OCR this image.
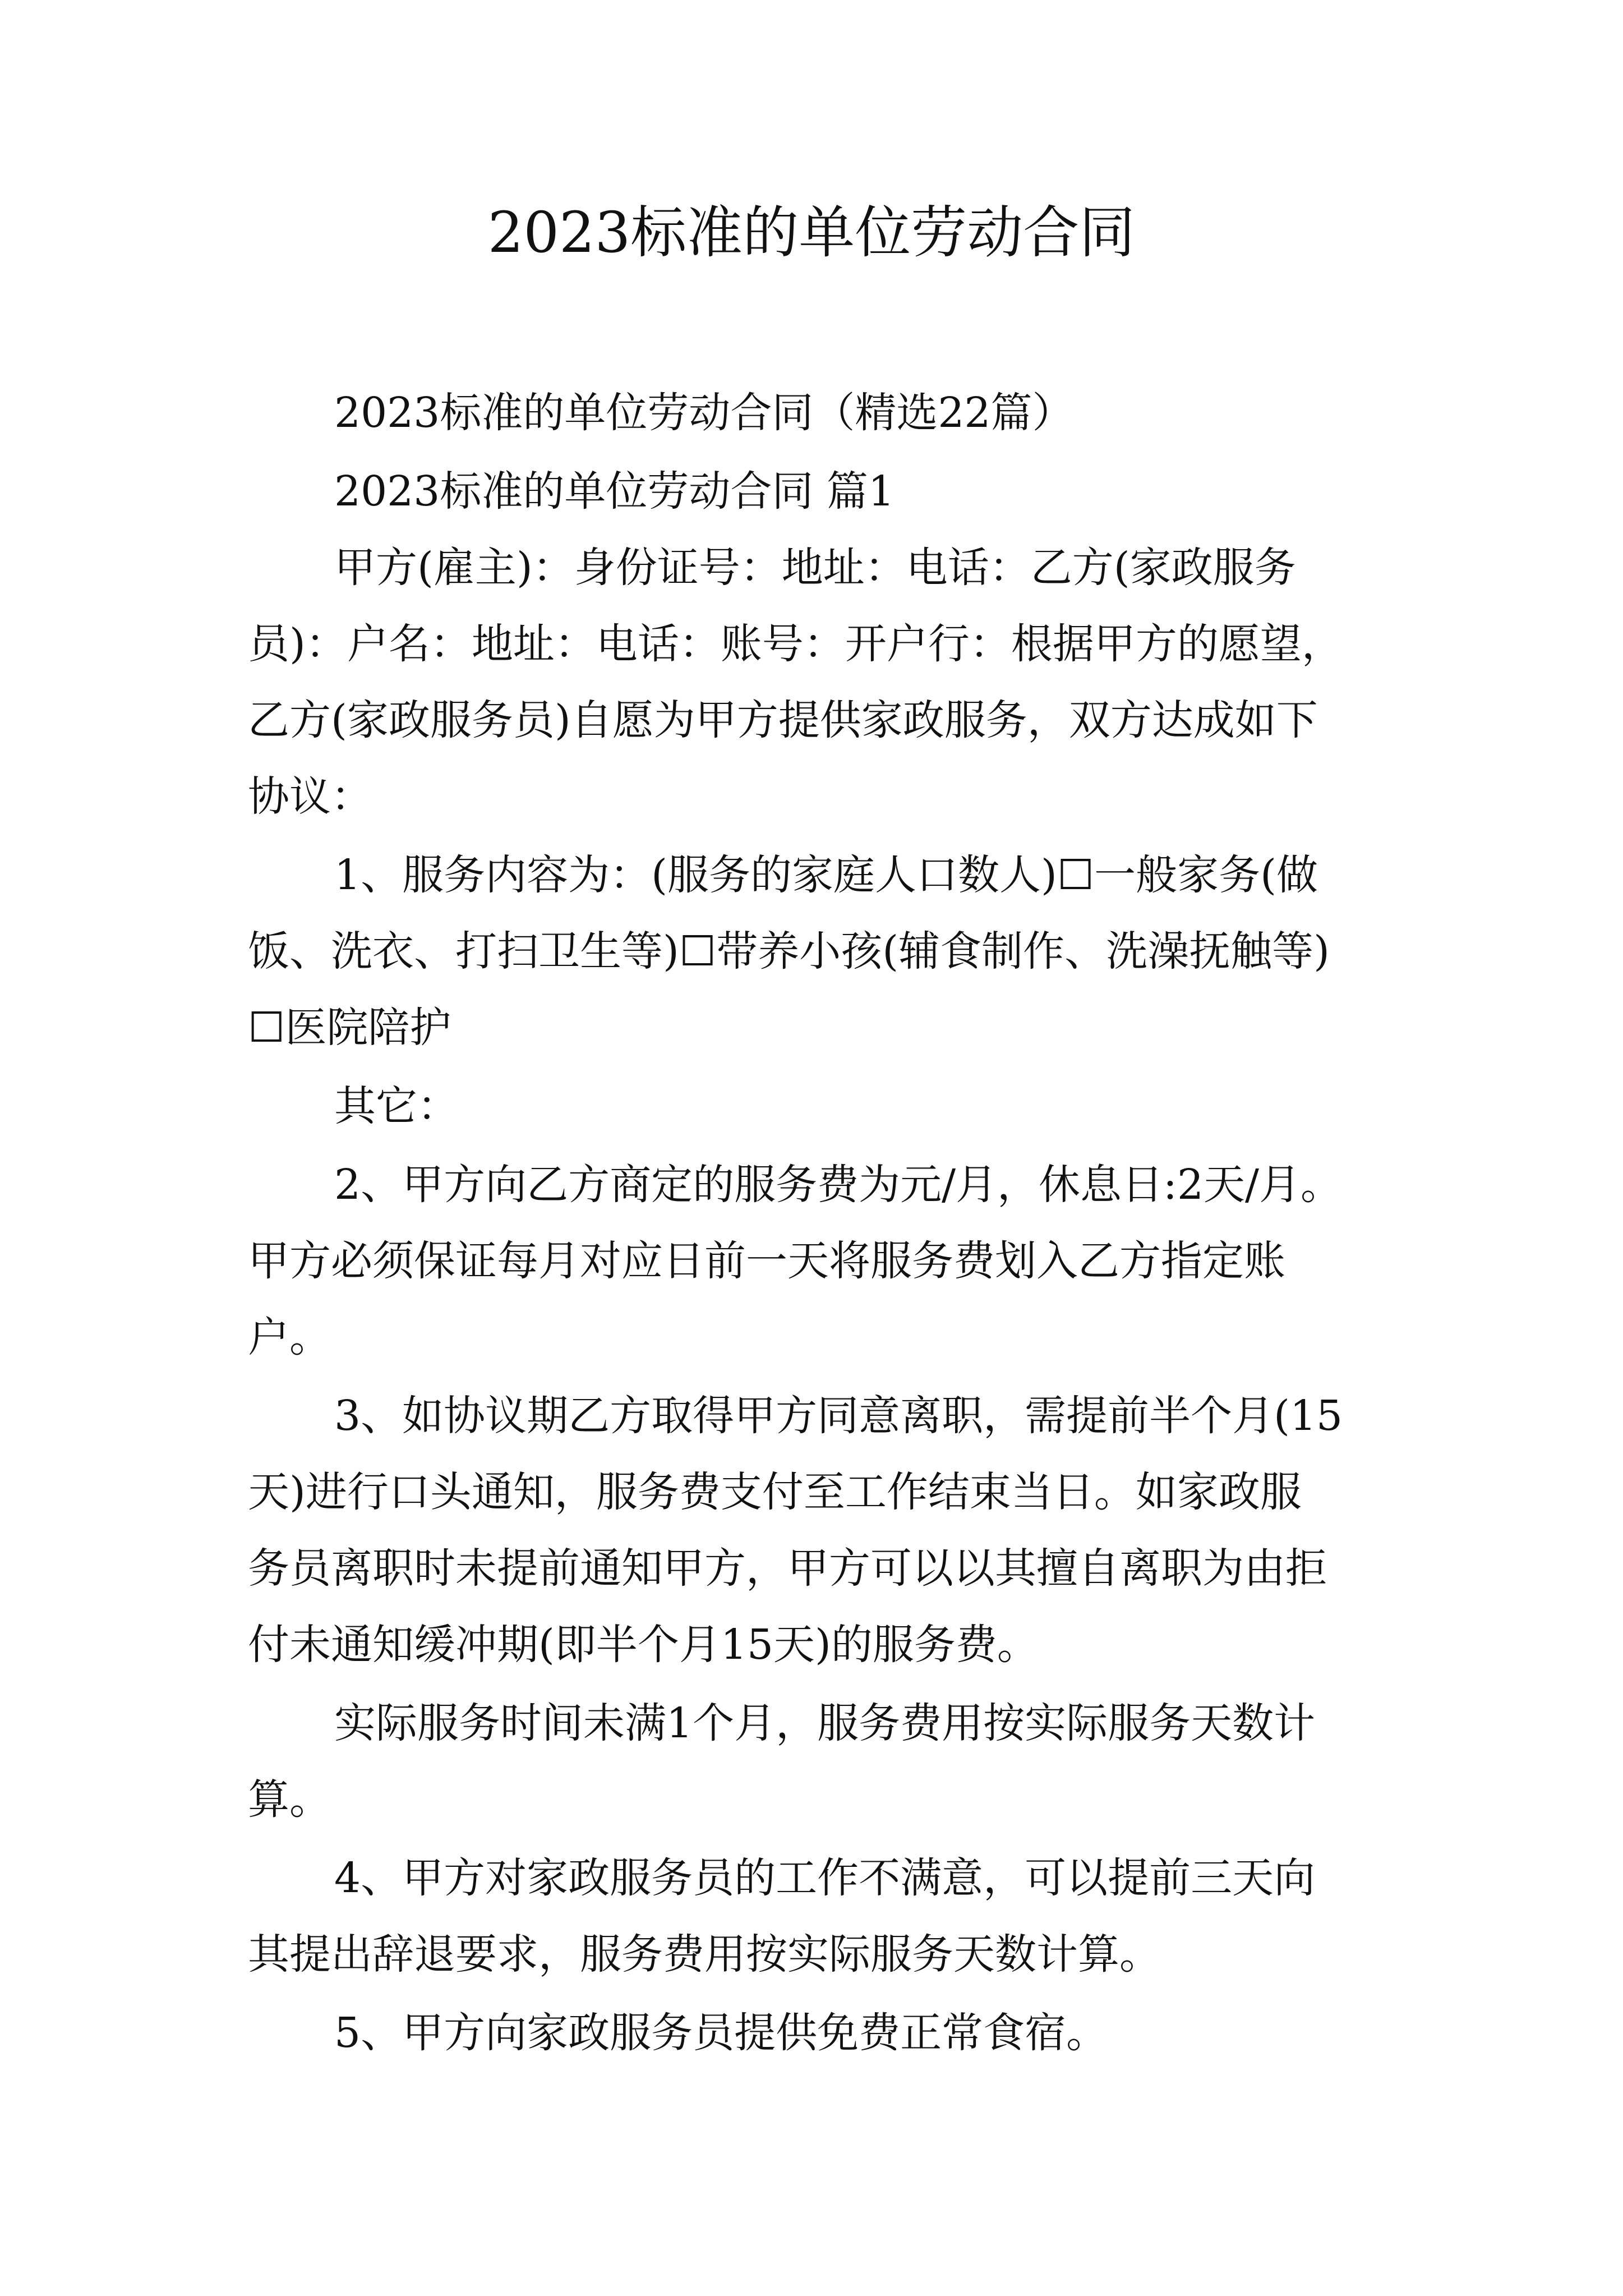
2023标准的单位劳动合同

2023标准的单位劳动合同（精选22篇）

2023标准的单位劳动合同 篇1

甲方(雇主)：身份证号：地址：电话：乙方(家政服务

员)：户名：地址：电话：账号：开户行：根据甲方的愿望，

乙方(家政服务员)自愿为甲方提供家政服务，双方达成如下

协议：

1、服务内容为：(服务的家庭人口数人)☐一般家务(做

饭、洗衣、打扫卫生等)☐带养小孩(辅食制作、洗澡抚触等)

☐医院陪护

其它：

2、甲方向乙方商定的服务费为元/月，休息日:2天/月。

甲方必须保证每月对应日前一天将服务费划入乙方指定账

户。

3、如协议期乙方取得甲方同意离职，需提前半个月(15

天)进行口头通知，服务费支付至工作结束当日。如家政服

务员离职时未提前通知甲方，甲方可以以其擅自离职为由拒

付未通知缓冲期(即半个月15天)的服务费。

实际服务时间未满1个月，服务费用按实际服务天数计

算。

4、甲方对家政服务员的工作不满意，可以提前三天向

其提出辞退要求，服务费用按实际服务天数计算。

5、甲方向家政服务员提供免费正常食宿。
